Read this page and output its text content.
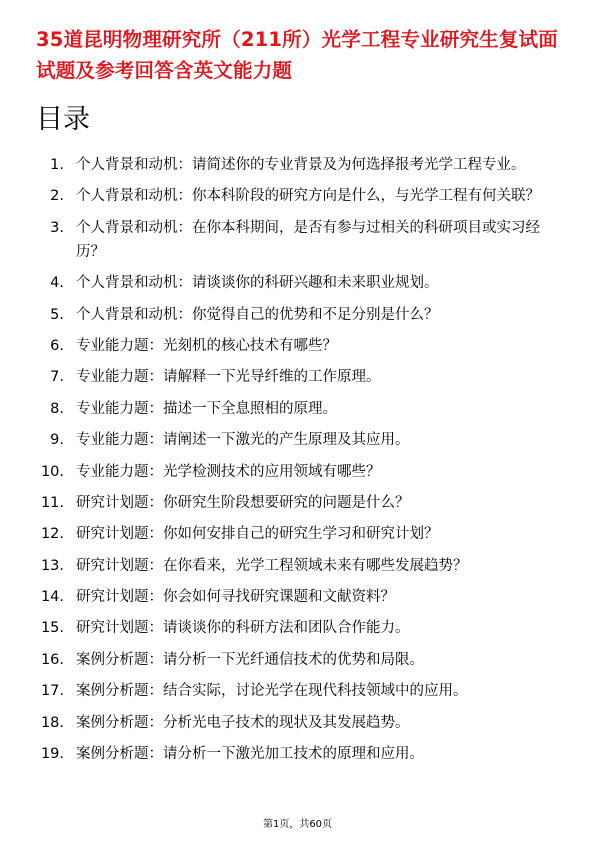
35道昆明物理研究所（211所）光学工程专业研究生复试面试题及参考回答含英文能力题
目录
1. 个人背景和动机：请简述你的专业背景及为何选择报考光学工程专业。
2. 个人背景和动机：你本科阶段的研究方向是什么，与光学工程有何关联？
3. 个人背景和动机：在你本科期间，是否有参与过相关的科研项目或实习经历？
4. 个人背景和动机：请谈谈你的科研兴趣和未来职业规划。
5. 个人背景和动机：你觉得自己的优势和不足分别是什么？
6. 专业能力题：光刻机的核心技术有哪些？
7. 专业能力题：请解释一下光导纤维的工作原理。
8. 专业能力题：描述一下全息照相的原理。
9. 专业能力题：请阐述一下激光的产生原理及其应用。
10. 专业能力题：光学检测技术的应用领域有哪些？
11. 研究计划题：你研究生阶段想要研究的问题是什么？
12. 研究计划题：你如何安排自己的研究生学习和研究计划？
13. 研究计划题：在你看来，光学工程领域未来有哪些发展趋势？
14. 研究计划题：你会如何寻找研究课题和文献资料？
15. 研究计划题：请谈谈你的科研方法和团队合作能力。
16. 案例分析题：请分析一下光纤通信技术的优势和局限。
17. 案例分析题：结合实际，讨论光学在现代科技领域中的应用。
18. 案例分析题：分析光电子技术的现状及其发展趋势。
19. 案例分析题：请分析一下激光加工技术的原理和应用。
第1页，共60页
